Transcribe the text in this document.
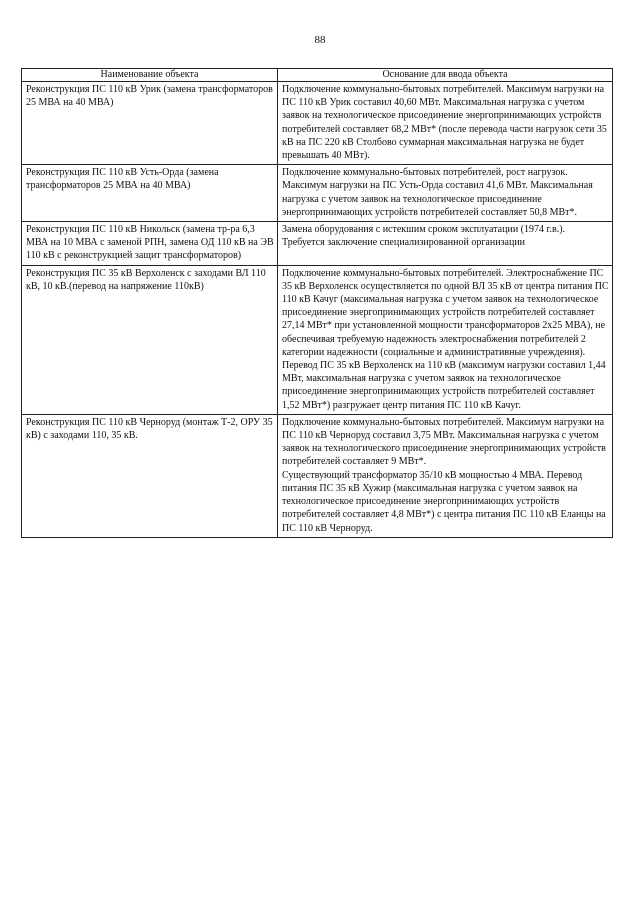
88
Наименование объекта	Основание для ввода объекта
Реконструкция ПС 110 кВ Урик (замена трансформаторов 25 МВА на 40 МВА)	Подключение коммунально-бытовых потребителей. Максимум нагрузки на ПС 110 кВ Урик составил 40,60 МВт. Максимальная нагрузка с учетом заявок на технологическое присоединение энергопринимающих устройств потребителей составляет 68,2 МВт* (после перевода части нагрузок сети 35 кВ на ПС 220 кВ Столбово суммарная максимальная нагрузка не будет превышать 40 МВт).
Реконструкция ПС 110 кВ Усть-Орда (замена трансформаторов 25 МВА на 40 МВА)	Подключение коммунально-бытовых потребителей, рост нагрузок. Максимум нагрузки на ПС Усть-Орда составил 41,6 МВт. Максимальная нагрузка с учетом заявок на технологическое присоединение энергопринимающих устройств потребителей составляет 50,8 МВт*.
Реконструкция ПС 110 кВ Никольск (замена тр-ра 6,3 МВА на 10 МВА с заменой РПН, замена ОД 110 кВ на ЭВ 110 кВ с реконструкцией защит трансформаторов)	Замена оборудования с истекшим сроком эксплуатации (1974 г.в.). Требуется заключение специализированной организации
Реконструкция ПС 35 кВ Верхоленск с заходами ВЛ 110 кВ, 10 кВ.(перевод на напряжение 110кВ)	Подключение коммунально-бытовых потребителей. Электроснабжение ПС 35 кВ Верхоленск осуществляется по одной ВЛ 35 кВ от центра питания ПС 110 кВ Качуг (максимальная нагрузка с учетом заявок на технологическое присоединение энергопринимающих устройств потребителей составляет 27,14 МВт* при установленной мощности трансформаторов 2х25 МВА), не обеспечивая требуемую надежность электроснабжения потребителей 2 категории надежности (социальные и административные учреждения).
Перевод ПС 35 кВ Верхоленск на 110 кВ (максимум нагрузки составил 1,44 МВт, максимальная нагрузка с учетом заявок на технологическое присоединение энергопринимающих устройств потребителей составляет 1,52 МВт*) разгружает центр питания ПС 110 кВ Качуг.
Реконструкция ПС 110 кВ Черноруд (монтаж Т-2, ОРУ 35 кВ) с заходами 110, 35 кВ.	Подключение коммунально-бытовых потребителей. Максимум нагрузки на ПС 110 кВ Черноруд составил 3,75 МВт. Максимальная нагрузка с учетом заявок на технологического присоединение энергопринимающих устройств потребителей составляет 9 МВт*.
Существующий трансформатор 35/10 кВ мощностью 4 МВА. Перевод питания ПС 35 кВ Хужир (максимальная нагрузка с учетом заявок на технологическое присоединение энергопринимающих устройств потребителей составляет 4,8 МВт*) с центра питания ПС 110 кВ Еланцы на ПС 110 кВ Черноруд.
